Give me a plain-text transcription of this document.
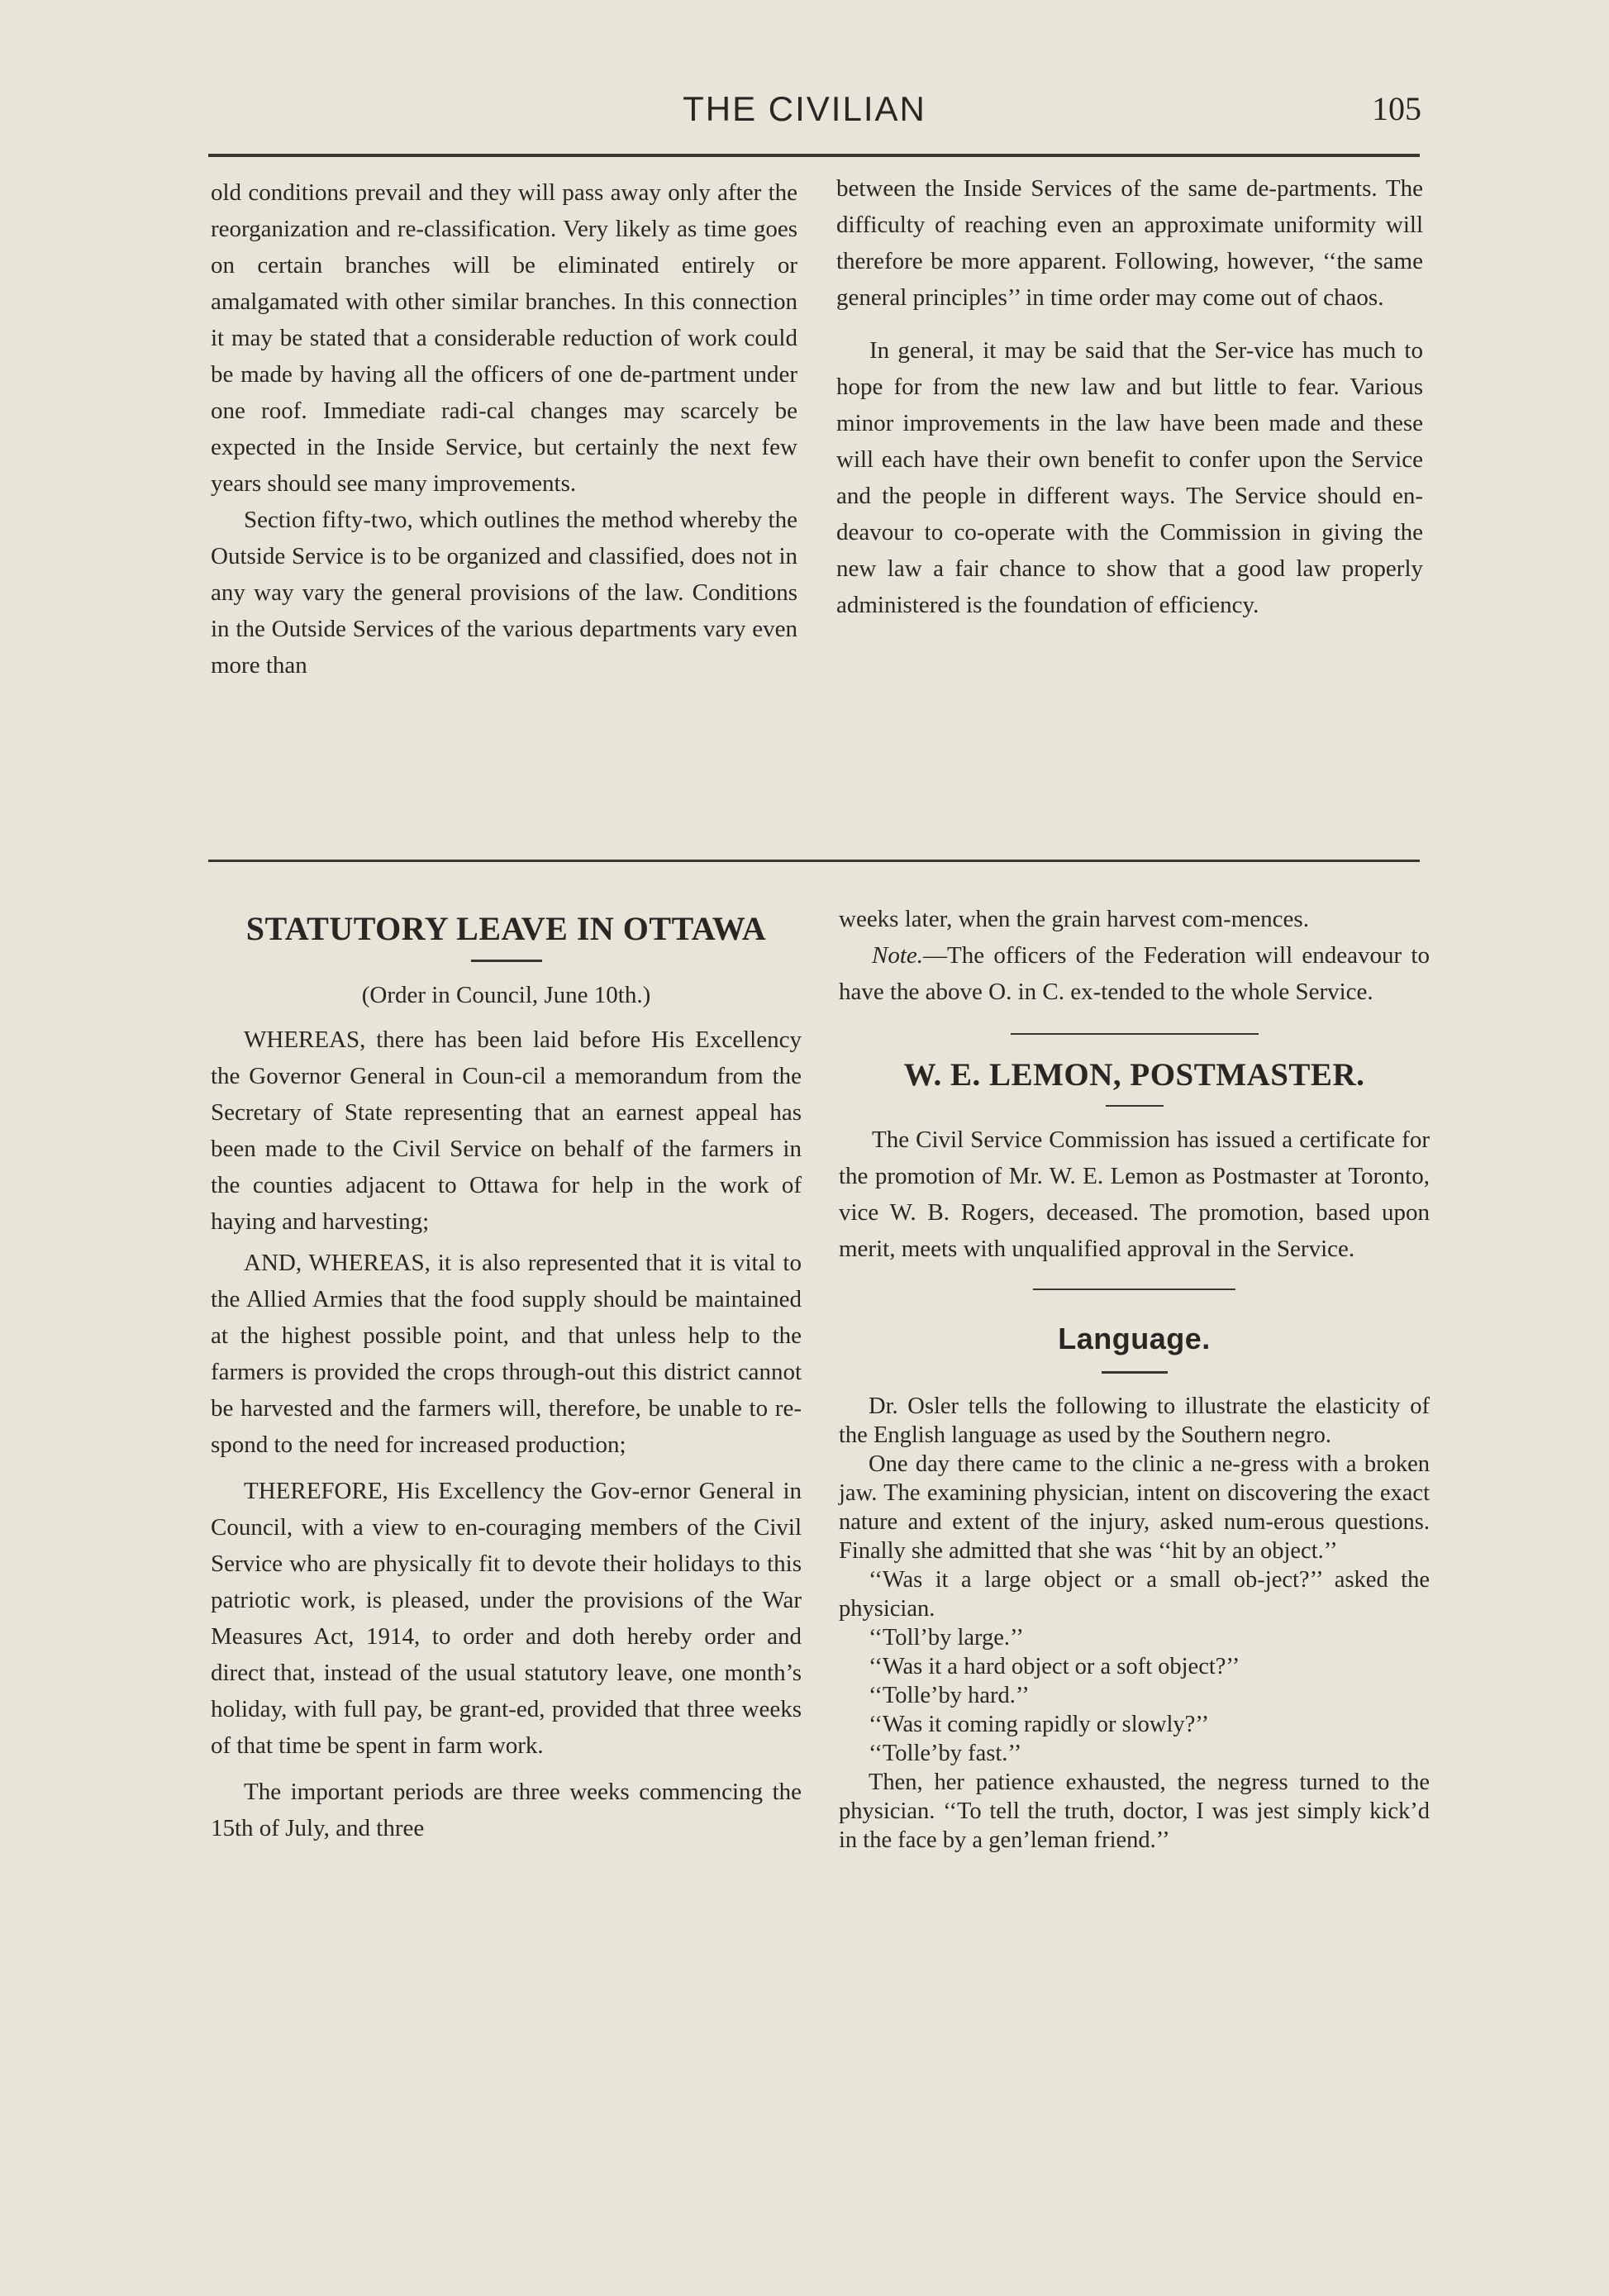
THE CIVILIAN	105

old conditions prevail and they will pass away only after the reorganization and re-classification. Very likely as time goes on certain branches will be eliminated entirely or amalgamated with other similar branches. In this connection it may be stated that a considerable reduction of work could be made by having all the officers of one de-partment under one roof. Immediate radi-cal changes may scarcely be expected in the Inside Service, but certainly the next few years should see many improvements.

Section fifty-two, which outlines the method whereby the Outside Service is to be organized and classified, does not in any way vary the general provisions of the law. Conditions in the Outside Services of the various departments vary even more than

between the Inside Services of the same de-partments. The difficulty of reaching even an approximate uniformity will therefore be more apparent. Following, however, ‘‘the same general principles’’ in time order may come out of chaos.

In general, it may be said that the Ser-vice has much to hope for from the new law and but little to fear. Various minor improvements in the law have been made and these will each have their own benefit to confer upon the Service and the people in different ways. The Service should en-deavour to co-operate with the Commission in giving the new law a fair chance to show that a good law properly administered is the foundation of efficiency.

STATUTORY LEAVE IN OTTAWA

(Order in Council, June 10th.)

WHEREAS, there has been laid before His Excellency the Governor General in Coun-cil a memorandum from the Secretary of State representing that an earnest appeal has been made to the Civil Service on behalf of the farmers in the counties adjacent to Ottawa for help in the work of haying and harvesting;

AND, WHEREAS, it is also represented that it is vital to the Allied Armies that the food supply should be maintained at the highest possible point, and that unless help to the farmers is provided the crops through-out this district cannot be harvested and the farmers will, therefore, be unable to re-spond to the need for increased production;

THEREFORE, His Excellency the Gov-ernor General in Council, with a view to en-couraging members of the Civil Service who are physically fit to devote their holidays to this patriotic work, is pleased, under the provisions of the War Measures Act, 1914, to order and doth hereby order and direct that, instead of the usual statutory leave, one month’s holiday, with full pay, be grant-ed, provided that three weeks of that time be spent in farm work.

The important periods are three weeks commencing the 15th of July, and three

weeks later, when the grain harvest com-mences.

Note.—The officers of the Federation will endeavour to have the above O. in C. ex-tended to the whole Service.

W. E. LEMON, POSTMASTER.

The Civil Service Commission has issued a certificate for the promotion of Mr. W. E. Lemon as Postmaster at Toronto, vice W. B. Rogers, deceased. The promotion, based upon merit, meets with unqualified approval in the Service.

Language.

Dr. Osler tells the following to illustrate the elasticity of the English language as used by the Southern negro.

One day there came to the clinic a ne-gress with a broken jaw. The examining physician, intent on discovering the exact nature and extent of the injury, asked num-erous questions. Finally she admitted that she was ‘‘hit by an object.’’

‘‘Was it a large object or a small ob-ject?’’ asked the physician.

‘‘Toll’by large.’’

‘‘Was it a hard object or a soft object?’’

‘‘Tolle’by hard.’’

‘‘Was it coming rapidly or slowly?’’

‘‘Tolle’by fast.’’

Then, her patience exhausted, the negress turned to the physician. ‘‘To tell the truth, doctor, I was jest simply kick’d in the face by a gen’leman friend.’’
